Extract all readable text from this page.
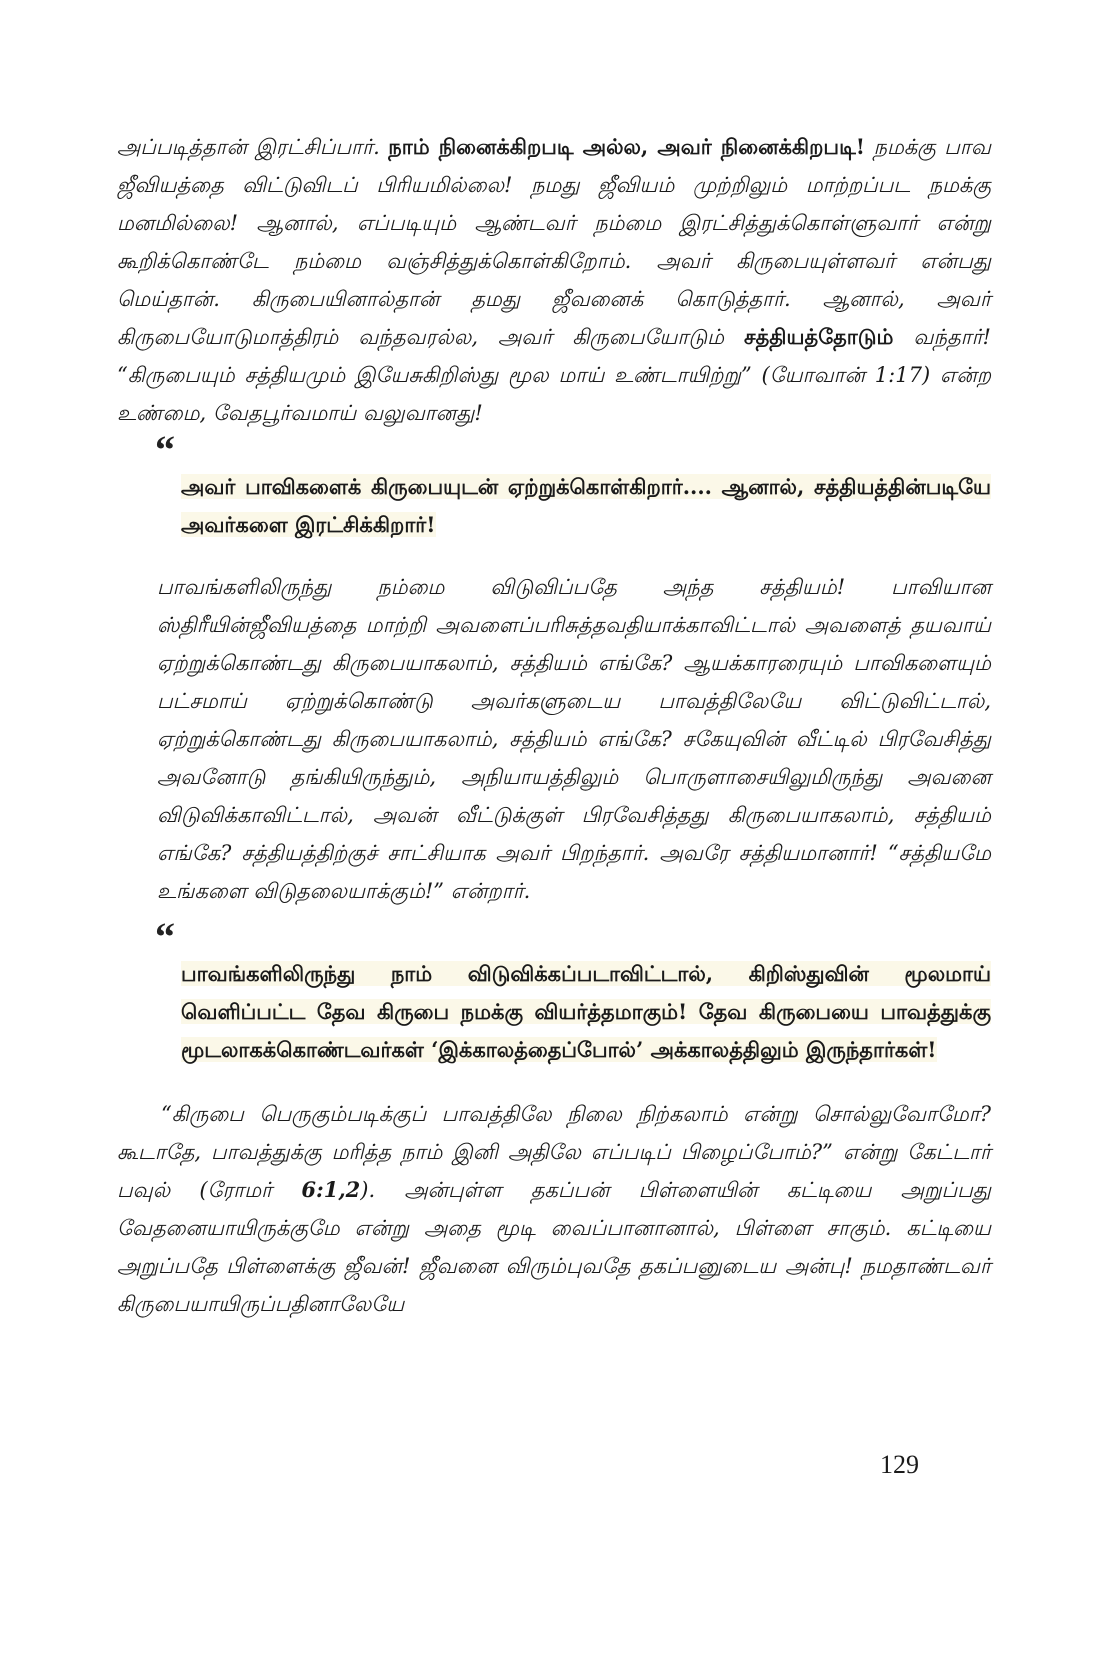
அப்படித்தான் இரட்சிப்பார். நாம் நினைக்கிறபடி அல்ல, அவர் நினைக்கிறபடி! நமக்கு பாவ ஜீவியத்தை விட்டுவிடப் பிரியமில்லை! நமது ஜீவியம் முற்றிலும் மாற்றப்பட நமக்கு மனமில்லை! ஆனால், எப்படியும் ஆண்டவர் நம்மை இரட்சித்துக்கொள்ளுவார் என்று கூறிக்கொண்டே நம்மை வஞ்சித்துக்கொள்கிறோம். அவர் கிருபையுள்ளவர் என்பது மெய்தான். கிருபையினால்தான் தமது ஜீவனைக் கொடுத்தார். ஆனால், அவர் கிருபையோடுமாத்திரம் வந்தவரல்ல, அவர் கிருபையோடும் சத்தியத்தோடும் வந்தார்! “கிருபையும் சத்தியமும் இயேசுகிறிஸ்து மூல மாய் உண்டாயிற்று” (யோவான் 1:17) என்ற உண்மை, வேதபூர்வமாய் வலுவானது!

“
அவர் பாவிகளைக் கிருபையுடன் ஏற்றுக்கொள்கிறார்.... ஆனால், சத்தியத்தின்படியே அவர்களை இரட்சிக்கிறார்!

பாவங்களிலிருந்து நம்மை விடுவிப்பதே அந்த சத்தியம்! பாவியான ஸ்திரீயின்ஜீவியத்தை மாற்றி அவளைப்பரிசுத்தவதியாக்காவிட்டால் அவளைத் தயவாய் ஏற்றுக்கொண்டது கிருபையாகலாம், சத்தியம் எங்கே? ஆயக்காரரையும் பாவிகளையும் பட்சமாய் ஏற்றுக்கொண்டு அவர்களுடைய பாவத்திலேயே விட்டுவிட்டால், ஏற்றுக்கொண்டது கிருபையாகலாம், சத்தியம் எங்கே? சகேயுவின் வீட்டில் பிரவேசித்து அவனோடு தங்கியிருந்தும், அநியாயத்திலும் பொருளாசையிலுமிருந்து அவனை விடுவிக்காவிட்டால், அவன் வீட்டுக்குள் பிரவேசித்தது கிருபையாகலாம், சத்தியம் எங்கே? சத்தியத்திற்குச் சாட்சியாக அவர் பிறந்தார். அவரே சத்தியமானார்! “சத்தியமே உங்களை விடுதலையாக்கும்!” என்றார்.

“
பாவங்களிலிருந்து நாம் விடுவிக்கப்படாவிட்டால், கிறிஸ்துவின் மூலமாய் வெளிப்பட்ட தேவ கிருபை நமக்கு வியர்த்தமாகும்! தேவ கிருபையை பாவத்துக்கு மூடலாகக்கொண்டவர்கள் ‘இக்காலத்தைப்போல்’ அக்காலத்திலும் இருந்தார்கள்!

“கிருபை பெருகும்படிக்குப் பாவத்திலே நிலை நிற்கலாம் என்று சொல்லுவோமோ? கூடாதே, பாவத்துக்கு மரித்த நாம் இனி அதிலே எப்படிப் பிழைப்போம்?” என்று கேட்டார் பவுல் (ரோமர் 6:1,2). அன்புள்ள தகப்பன் பிள்ளையின் கட்டியை அறுப்பது வேதனையாயிருக்குமே என்று அதை மூடி வைப்பானானால், பிள்ளை சாகும். கட்டியை அறுப்பதே பிள்ளைக்கு ஜீவன்! ஜீவனை விரும்புவதே தகப்பனுடைய அன்பு! நமதாண்டவர் கிருபையாயிருப்பதினாலேயே

129
